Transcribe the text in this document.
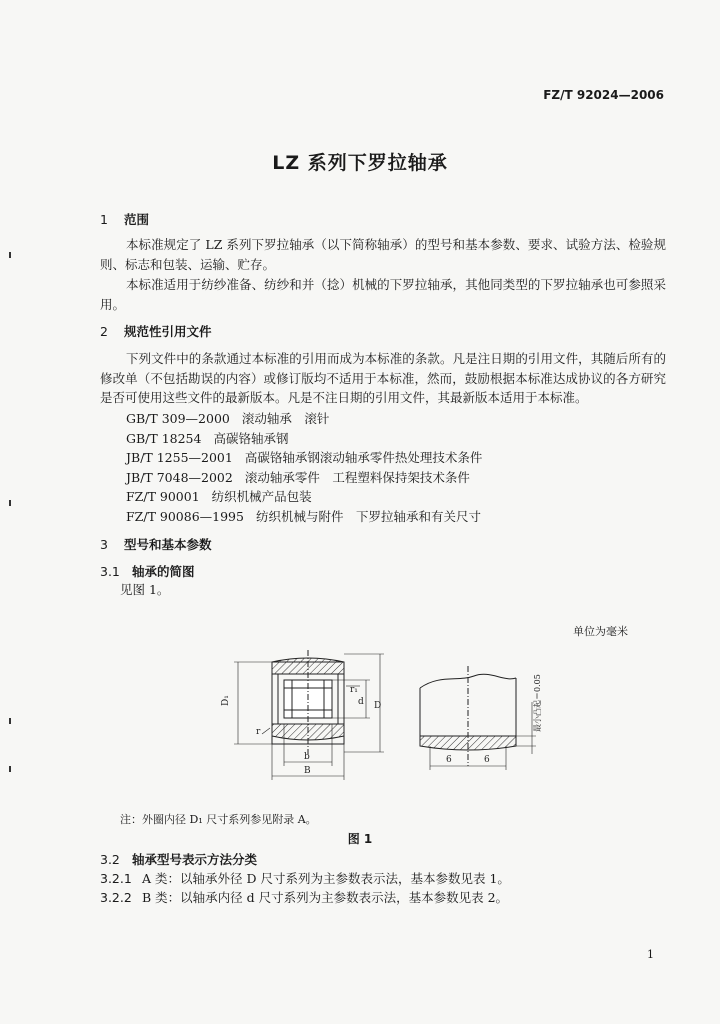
FZ/T 92024—2006
LZ 系列下罗拉轴承
1 范围
本标准规定了 LZ 系列下罗拉轴承（以下简称轴承）的型号和基本参数、要求、试验方法、检验规则、标志和包装、运输、贮存。
本标准适用于纺纱准备、纺纱和并（捻）机械的下罗拉轴承，其他同类型的下罗拉轴承也可参照采用。
2 规范性引用文件
下列文件中的条款通过本标准的引用而成为本标准的条款。凡是注日期的引用文件，其随后所有的修改单（不包括勘误的内容）或修订版均不适用于本标准，然而，鼓励根据本标准达成协议的各方研究是否可使用这些文件的最新版本。凡是不注日期的引用文件，其最新版本适用于本标准。
GB/T 309—2000 滚动轴承　滚针
GB/T 18254 高碳铬轴承钢
JB/T 1255—2001 高碳铬轴承钢滚动轴承零件热处理技术条件
JB/T 7048—2002 滚动轴承零件　工程塑料保持架技术条件
FZ/T 90001 纺织机械产品包装
FZ/T 90086—1995 纺织机械与附件　下罗拉轴承和有关尺寸
3 型号和基本参数
3.1 轴承的简图
见图 1。
单位为毫米
D₁	D
d
r₁
r
b
B
6	6
最小凸起＝0.05
注：外圈内径 D₁ 尺寸系列参见附录 A。
图 1
3.2 轴承型号表示方法分类
3.2.1 A 类：以轴承外径 D 尺寸系列为主参数表示法，基本参数见表 1。
3.2.2 B 类：以轴承内径 d 尺寸系列为主参数表示法，基本参数见表 2。
1
